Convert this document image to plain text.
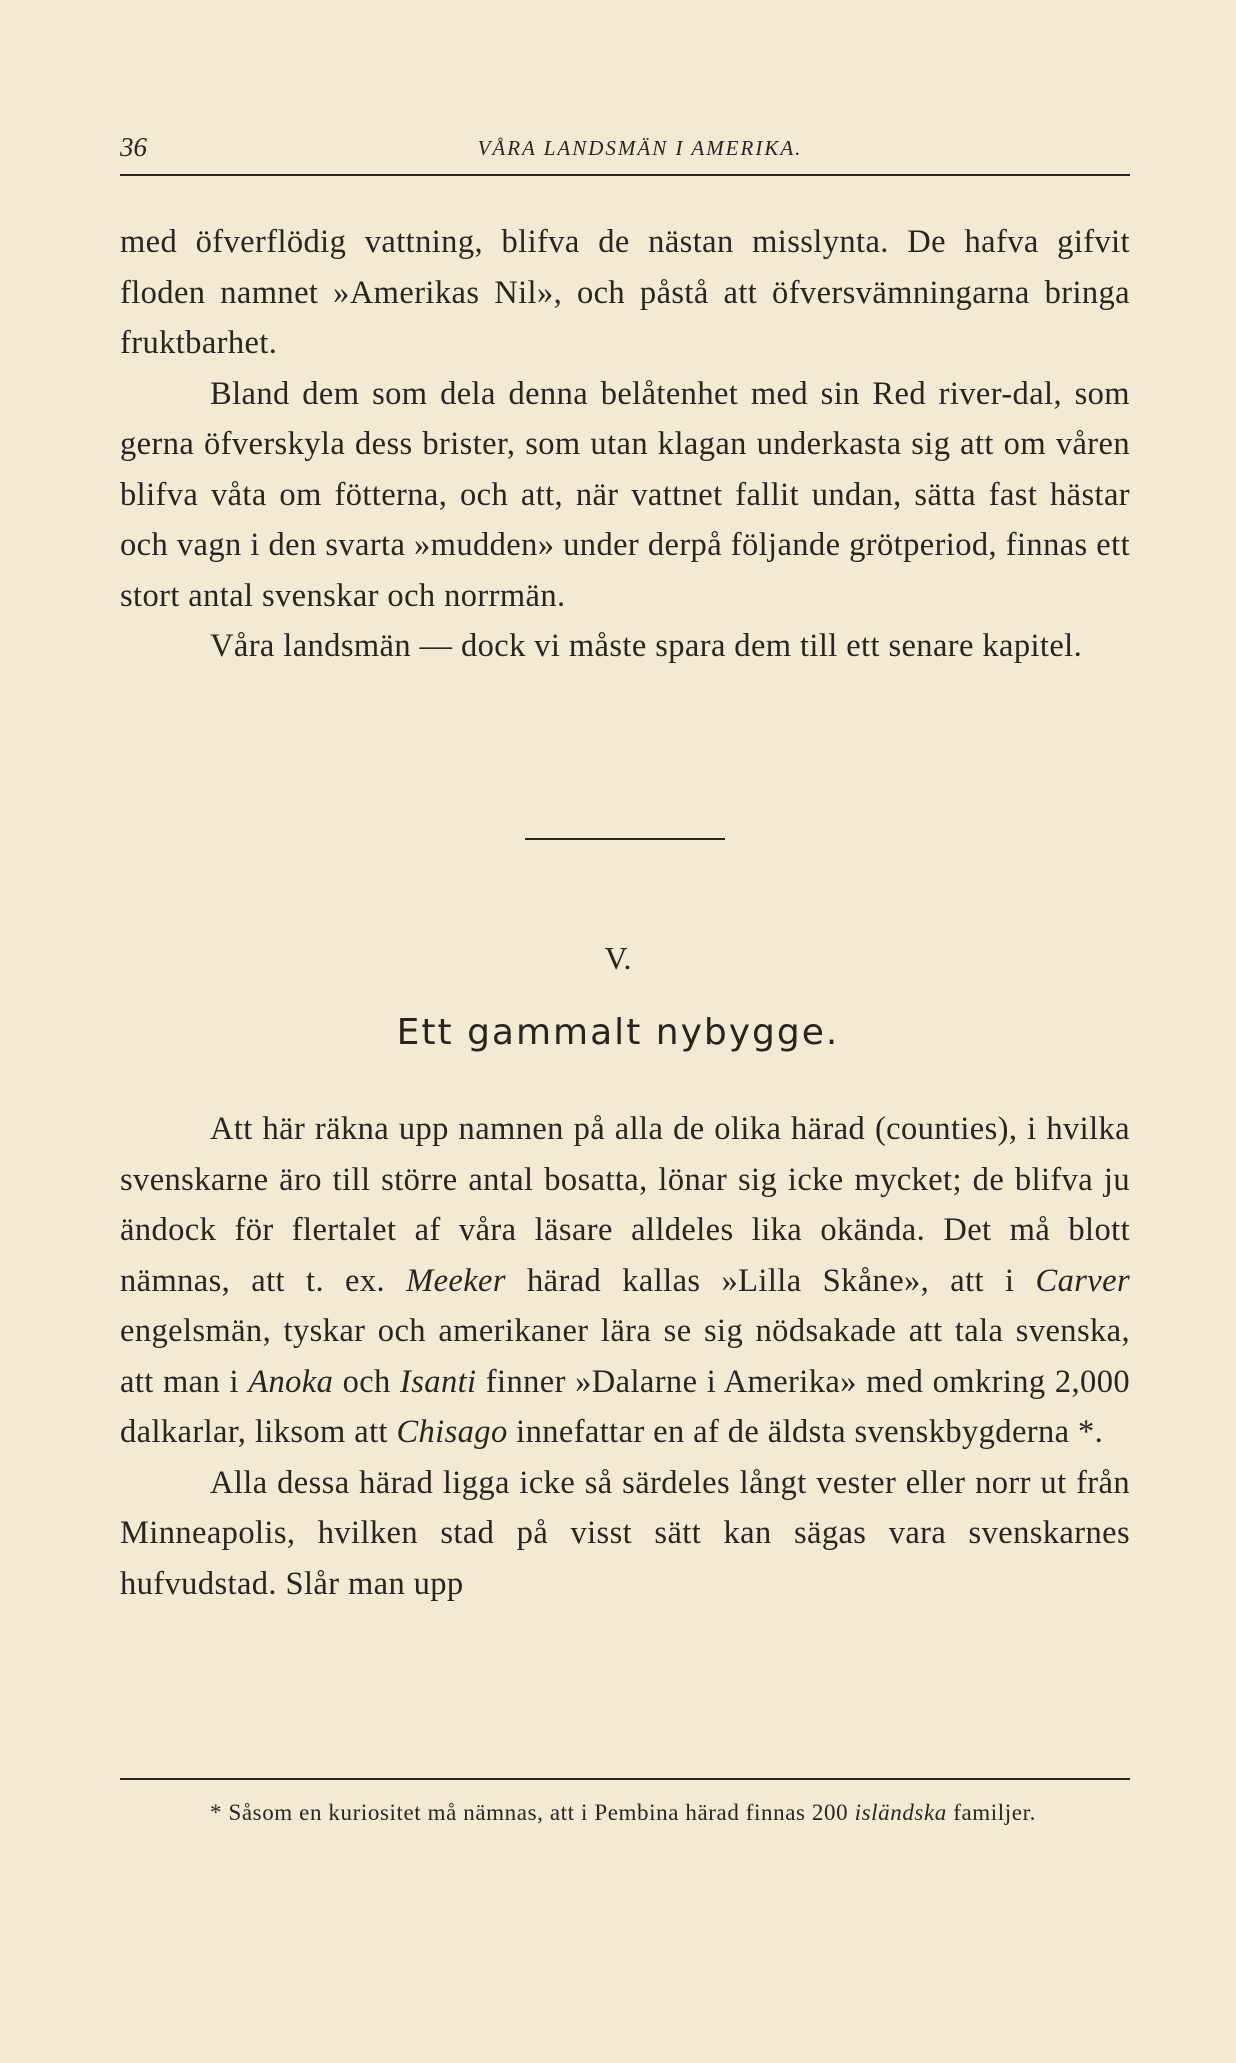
36	VÅRA LANDSMÄN I AMERIKA.

med öfverflödig vattning, blifva de nästan misslynta. De hafva gifvit floden namnet »Amerikas Nil», och påstå att öfversvämningarna bringa fruktbarhet.

Bland dem som dela denna belåtenhet med sin Red river-dal, som gerna öfverskyla dess brister, som utan klagan underkasta sig att om våren blifva våta om fötterna, och att, när vattnet fallit undan, sätta fast hästar och vagn i den svarta »mudden» under derpå följande grötperiod, finnas ett stort antal svenskar och norrmän.

Våra landsmän — dock vi måste spara dem till ett senare kapitel.

V.
Ett gammalt nybygge.

Att här räkna upp namnen på alla de olika härad (counties), i hvilka svenskarne äro till större antal bosatta, lönar sig icke mycket; de blifva ju ändock för flertalet af våra läsare alldeles lika okända. Det må blott nämnas, att t. ex. Meeker härad kallas »Lilla Skåne», att i Carver engelsmän, tyskar och amerikaner lära se sig nödsakade att tala svenska, att man i Anoka och Isanti finner »Dalarne i Amerika» med omkring 2,000 dalkarlar, liksom att Chisago innefattar en af de äldsta svenskbygderna *.

Alla dessa härad ligga icke så särdeles långt vester eller norr ut från Minneapolis, hvilken stad på visst sätt kan sägas vara svenskarnes hufvudstad. Slår man upp

* Såsom en kuriositet må nämnas, att i Pembina härad finnas 200 isländska familjer.
